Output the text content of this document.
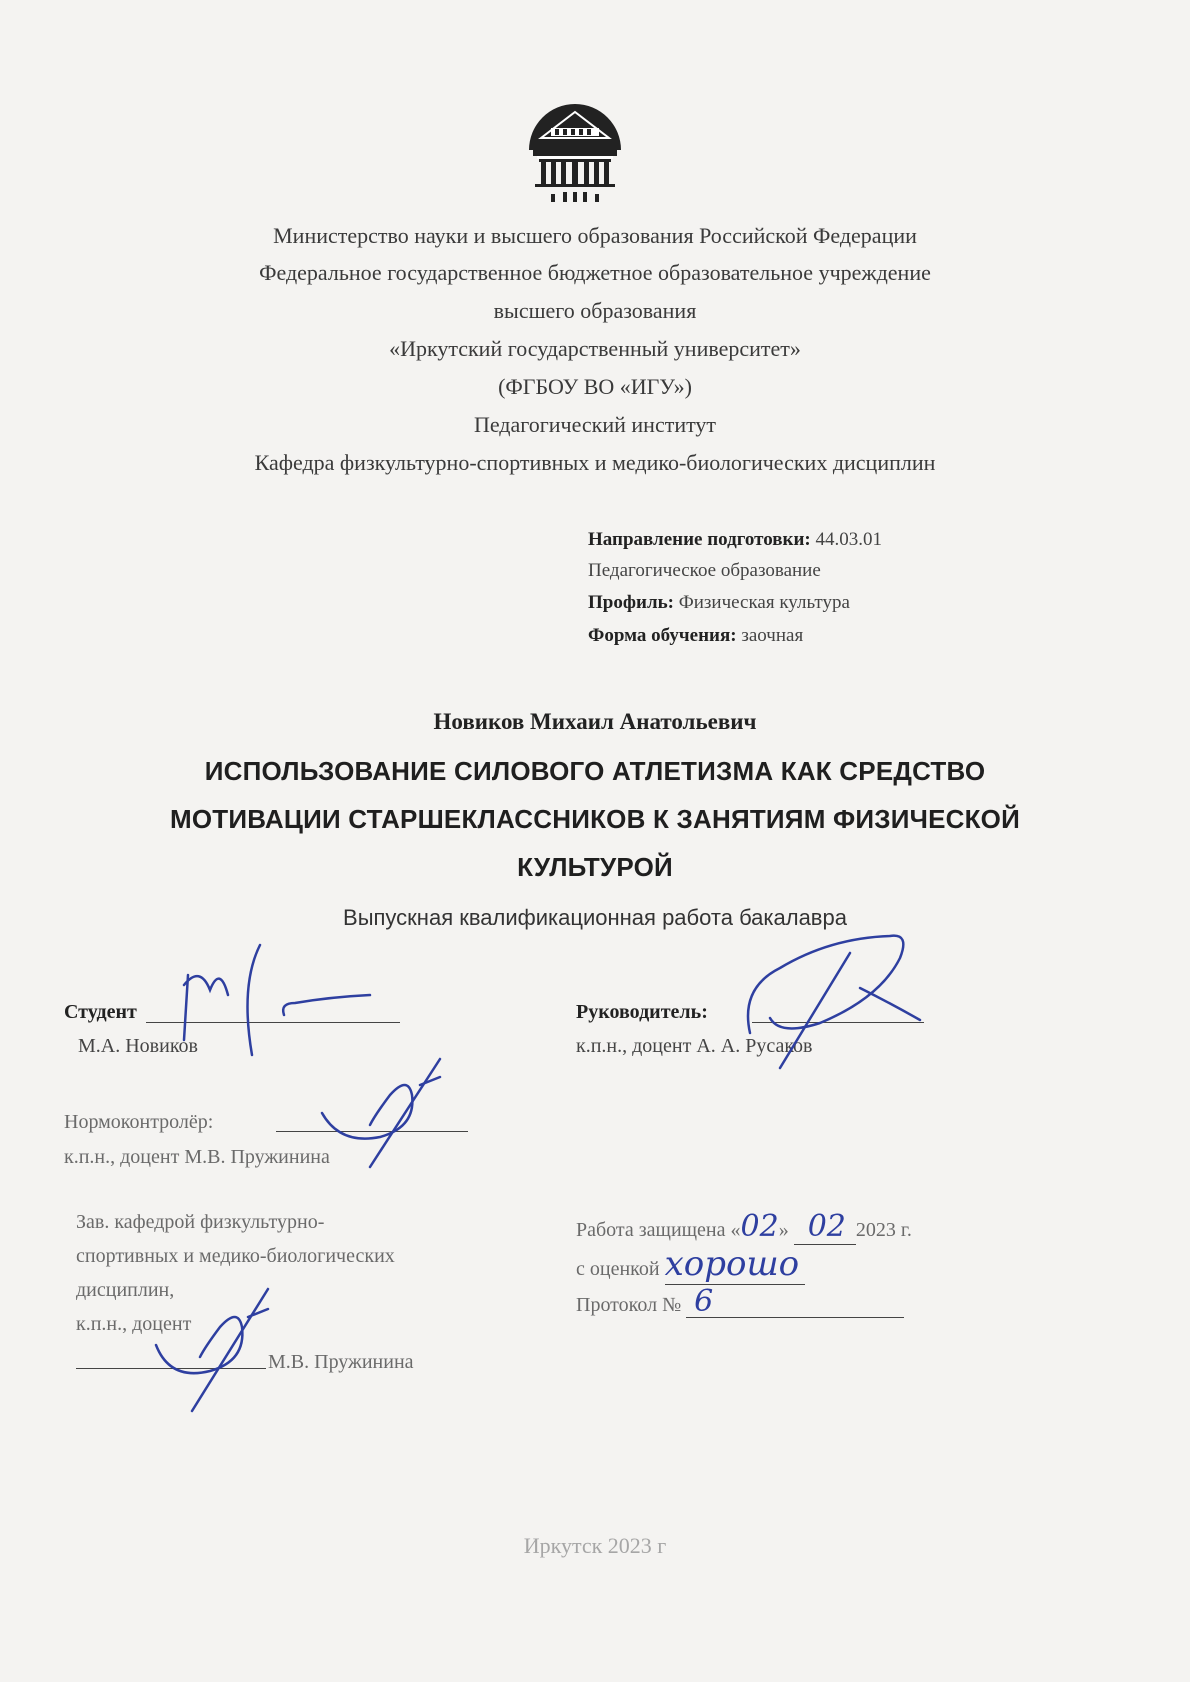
Министерство науки и высшего образования Российской Федерации
Федеральное государственное бюджетное образовательное учреждение
высшего образования
«Иркутский государственный университет»
(ФГБОУ ВО «ИГУ»)
Педагогический институт
Кафедра физкультурно-спортивных и медико-биологических дисциплин
Направление подготовки: 44.03.01
Педагогическое образование
Профиль: Физическая культура
Форма обучения: заочная
Новиков Михаил Анатольевич
ИСПОЛЬЗОВАНИЕ СИЛОВОГО АТЛЕТИЗМА КАК СРЕДСТВО
МОТИВАЦИИ СТАРШЕКЛАССНИКОВ К ЗАНЯТИЯМ ФИЗИЧЕСКОЙ
КУЛЬТУРОЙ
Выпускная квалификационная работа бакалавра
Студент
М.А. Новиков
Руководитель:
к.п.н., доцент А. А. Русаков
Нормоконтролёр:
к.п.н., доцент М.В. Пружинина
Зав. кафедрой физкультурно-
спортивных и медико-биологических
дисциплин,
к.п.н., доцент
М.В. Пружинина
Работа защищена «02» 02 2023 г.
с оценкой хорошо
Протокол № 6
Иркутск 2023 г
